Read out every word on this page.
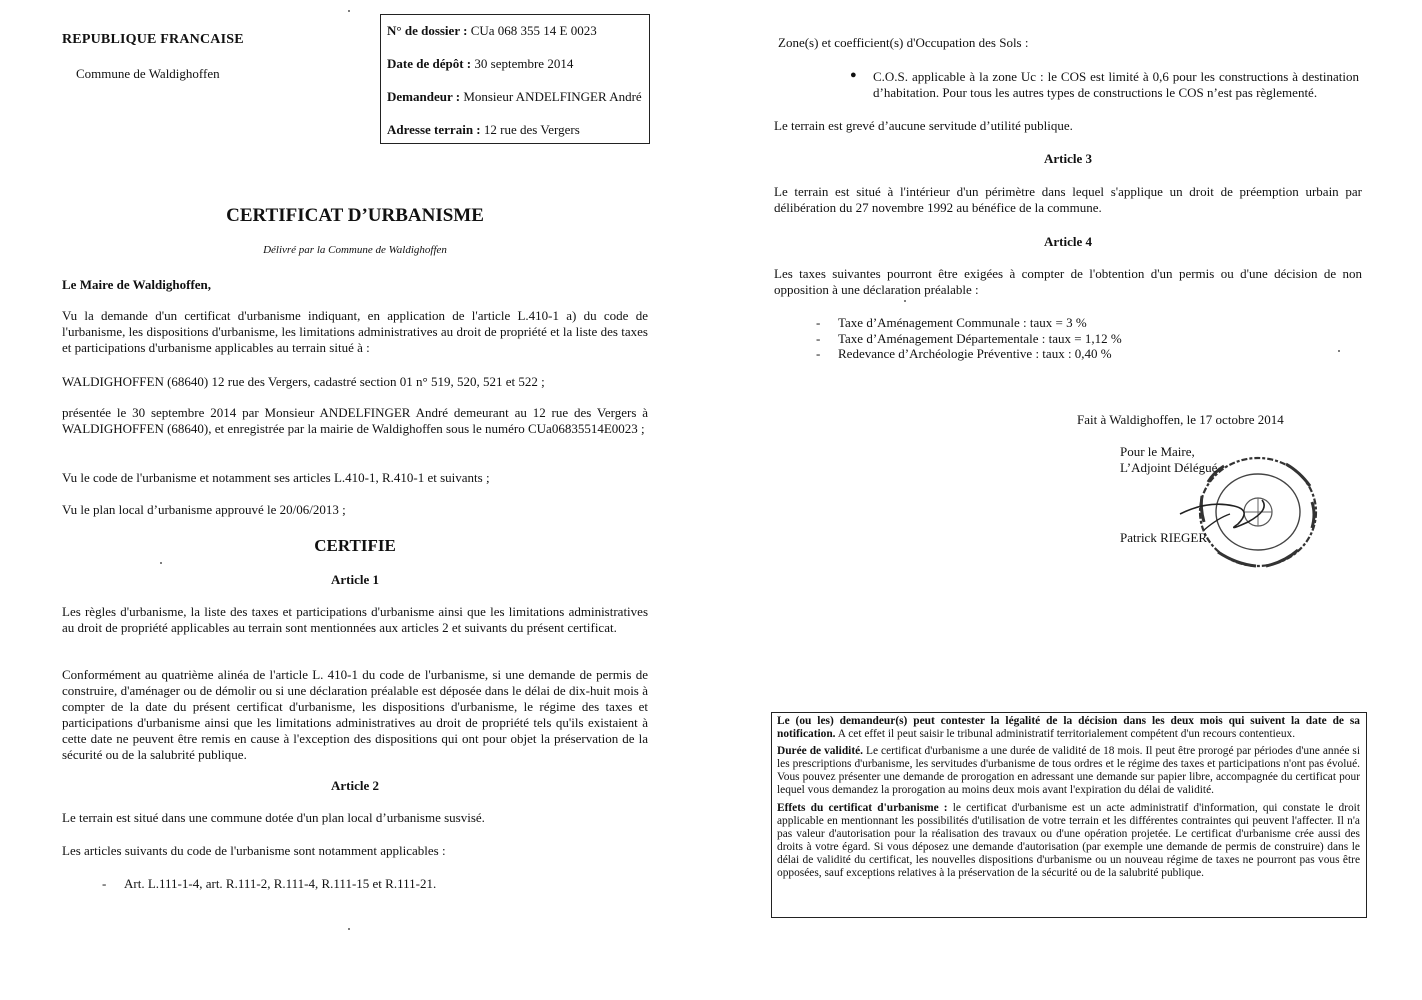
REPUBLIQUE FRANCAISE
Commune de Waldighoffen
N° de dossier : CUa 068 355 14 E 0023
Date de dépôt : 30 septembre 2014
Demandeur : Monsieur ANDELFINGER André
Adresse terrain : 12 rue des Vergers
CERTIFICAT D’URBANISME
Délivré par la Commune de Waldighoffen
Le Maire de Waldighoffen,
Vu la demande d'un certificat d'urbanisme indiquant, en application de l'article L.410-1 a) du code de l'urbanisme, les dispositions d'urbanisme, les limitations administratives au droit de propriété et la liste des taxes et participations d'urbanisme applicables au terrain situé à :
WALDIGHOFFEN (68640) 12 rue des Vergers, cadastré section 01 n° 519, 520, 521 et 522 ;
présentée le 30 septembre 2014 par Monsieur ANDELFINGER André demeurant au 12 rue des Vergers à WALDIGHOFFEN (68640), et enregistrée par la mairie de Waldighoffen sous le numéro CUa06835514E0023 ;
Vu le code de l'urbanisme et notamment ses articles L.410-1, R.410-1 et suivants ;
Vu le plan local d’urbanisme approuvé le 20/06/2013 ;
CERTIFIE
Article 1
Les règles d'urbanisme, la liste des taxes et participations d'urbanisme ainsi que les limitations administratives au droit de propriété applicables au terrain sont mentionnées aux articles 2 et suivants du présent certificat.
Conformément au quatrième alinéa de l'article L. 410-1 du code de l'urbanisme, si une demande de permis de construire, d'aménager ou de démolir ou si une déclaration préalable est déposée dans le délai de dix-huit mois à compter de la date du présent certificat d'urbanisme, les dispositions d'urbanisme, le régime des taxes et participations d'urbanisme ainsi que les limitations administratives au droit de propriété tels qu'ils existaient à cette date ne peuvent être remis en cause à l'exception des dispositions qui ont pour objet la préservation de la sécurité ou de la salubrité publique.
Article 2
Le terrain est situé dans une commune dotée d'un plan local d’urbanisme susvisé.
Les articles suivants du code de l'urbanisme sont notamment applicables :
- Art. L.111-1-4, art. R.111-2, R.111-4, R.111-15 et R.111-21.
Zone(s) et coefficient(s) d'Occupation des Sols :
● C.O.S. applicable à la zone Uc : le COS est limité à 0,6 pour les constructions à destination d’habitation. Pour tous les autres types de constructions le COS n’est pas règlementé.
Le terrain est grevé d’aucune servitude d’utilité publique.
Article 3
Le terrain est situé à l'intérieur d'un périmètre dans lequel s'applique un droit de préemption urbain par délibération du 27 novembre 1992 au bénéfice de la commune.
Article 4
Les taxes suivantes pourront être exigées à compter de l'obtention d'un permis ou d'une décision de non opposition à une déclaration préalable :
- Taxe d’Aménagement Communale : taux = 3 %
- Taxe d’Aménagement Départementale : taux = 1,12 %
- Redevance d’Archéologie Préventive : taux : 0,40 %
Fait à Waldighoffen, le 17 octobre 2014
Pour le Maire,
L’Adjoint Délégué
Patrick RIEGER

Le (ou les) demandeur(s) peut contester la légalité de la décision dans les deux mois qui suivent la date de sa notification. A cet effet il peut saisir le tribunal administratif territorialement compétent d'un recours contentieux.

Durée de validité. Le certificat d'urbanisme a une durée de validité de 18 mois. Il peut être prorogé par périodes d'une année si les prescriptions d'urbanisme, les servitudes d'urbanisme de tous ordres et le régime des taxes et participations n'ont pas évolué. Vous pouvez présenter une demande de prorogation en adressant une demande sur papier libre, accompagnée du certificat pour lequel vous demandez la prorogation au moins deux mois avant l'expiration du délai de validité.

Effets du certificat d'urbanisme : le certificat d'urbanisme est un acte administratif d'information, qui constate le droit applicable en mentionnant les possibilités d'utilisation de votre terrain et les différentes contraintes qui peuvent l'affecter. Il n'a pas valeur d'autorisation pour la réalisation des travaux ou d'une opération projetée. Le certificat d'urbanisme crée aussi des droits à votre égard. Si vous déposez une demande d'autorisation (par exemple une demande de permis de construire) dans le délai de validité du certificat, les nouvelles dispositions d'urbanisme ou un nouveau régime de taxes ne pourront pas vous être opposées, sauf exceptions relatives à la préservation de la sécurité ou de la salubrité publique.
